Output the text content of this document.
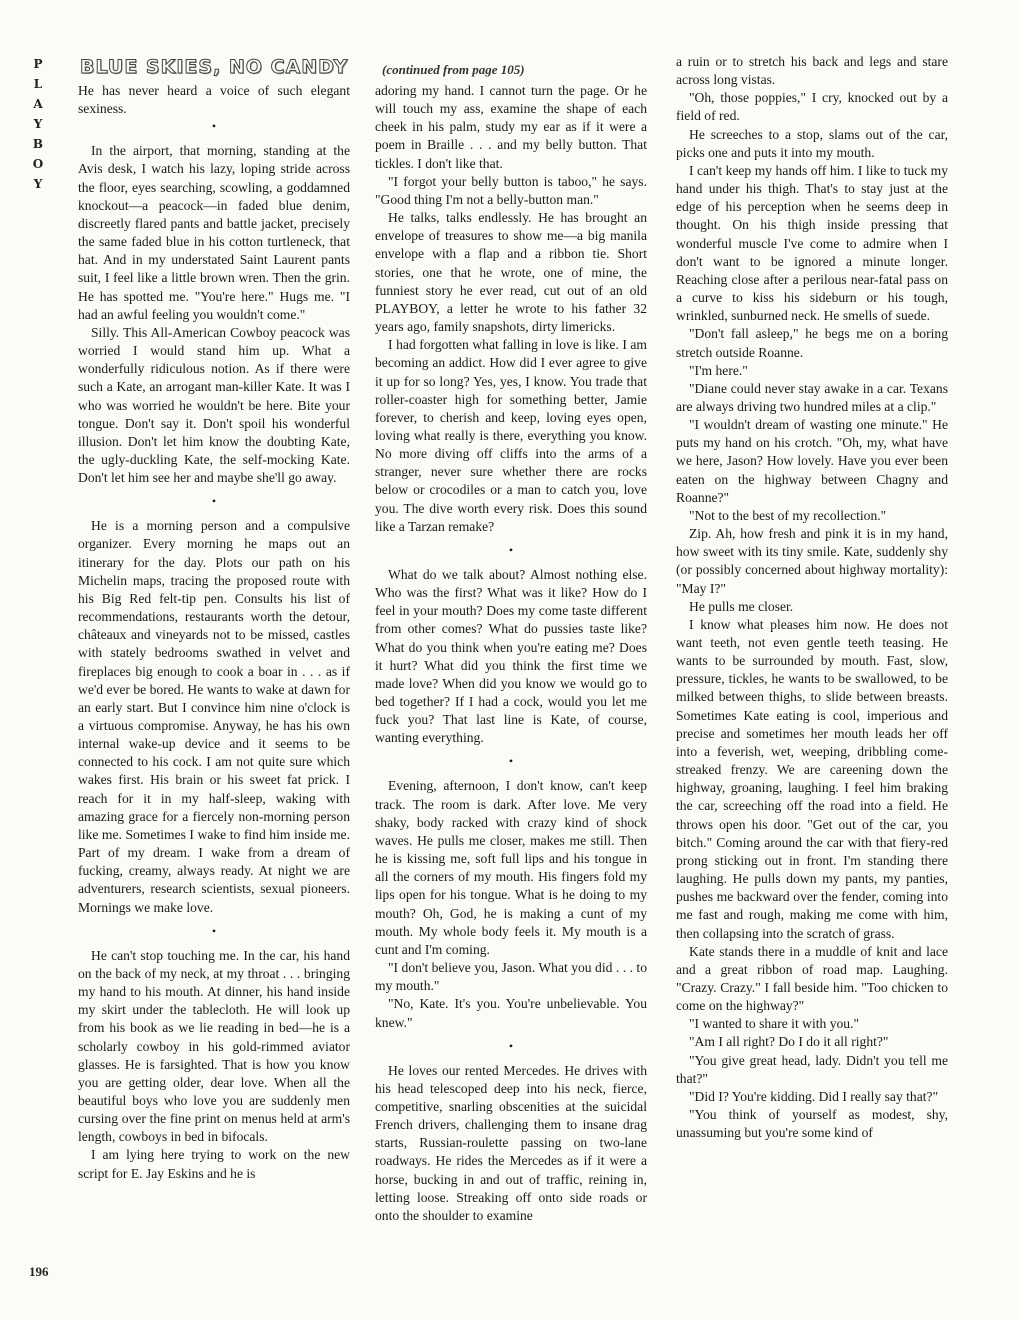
P
L
A
Y
B
O
Y
BLUE SKIES, NO CANDY	(continued from page 105)

He has never heard a voice of such elegant sexiness.

•

In the airport, that morning, standing at the Avis desk, I watch his lazy, loping stride across the floor, eyes searching, scowling, a goddamned knockout—a peacock—in faded blue denim, discreetly flared pants and battle jacket, precisely the same faded blue in his cotton turtleneck, that hat. And in my understated Saint Laurent pants suit, I feel like a little brown wren. Then the grin. He has spotted me. "You're here." Hugs me. "I had an awful feeling you wouldn't come."

Silly. This All-American Cowboy peacock was worried I would stand him up. What a wonderfully ridiculous notion. As if there were such a Kate, an arrogant man-killer Kate. It was I who was worried he wouldn't be here. Bite your tongue. Don't say it. Don't spoil his wonderful illusion. Don't let him know the doubting Kate, the ugly-duckling Kate, the self-mocking Kate. Don't let him see her and maybe she'll go away.

•

He is a morning person and a compulsive organizer. Every morning he maps out an itinerary for the day. Plots our path on his Michelin maps, tracing the proposed route with his Big Red felt-tip pen. Consults his list of recommendations, restaurants worth the detour, châteaux and vineyards not to be missed, castles with stately bedrooms swathed in velvet and fireplaces big enough to cook a boar in . . . as if we'd ever be bored. He wants to wake at dawn for an early start. But I convince him nine o'clock is a virtuous compromise. Anyway, he has his own internal wake-up device and it seems to be connected to his cock. I am not quite sure which wakes first. His brain or his sweet fat prick. I reach for it in my half-sleep, waking with amazing grace for a fiercely non-morning person like me. Sometimes I wake to find him inside me. Part of my dream. I wake from a dream of fucking, creamy, always ready. At night we are adventurers, research scientists, sexual pioneers. Mornings we make love.

•

He can't stop touching me. In the car, his hand on the back of my neck, at my throat . . . bringing my hand to his mouth. At dinner, his hand inside my skirt under the tablecloth. He will look up from his book as we lie reading in bed—he is a scholarly cowboy in his gold-rimmed aviator glasses. He is farsighted. That is how you know you are getting older, dear love. When all the beautiful boys who love you are suddenly men cursing over the fine print on menus held at arm's length, cowboys in bed in bifocals.

I am lying here trying to work on the new script for E. Jay Eskins and he is

adoring my hand. I cannot turn the page. Or he will touch my ass, examine the shape of each cheek in his palm, study my ear as if it were a poem in Braille . . . and my belly button. That tickles. I don't like that.

"I forgot your belly button is taboo," he says. "Good thing I'm not a belly-button man."

He talks, talks endlessly. He has brought an envelope of treasures to show me—a big manila envelope with a flap and a ribbon tie. Short stories, one that he wrote, one of mine, the funniest story he ever read, cut out of an old PLAYBOY, a letter he wrote to his father 32 years ago, family snapshots, dirty limericks.

I had forgotten what falling in love is like. I am becoming an addict. How did I ever agree to give it up for so long? Yes, yes, I know. You trade that roller-coaster high for something better, Jamie forever, to cherish and keep, loving eyes open, loving what really is there, everything you know. No more diving off cliffs into the arms of a stranger, never sure whether there are rocks below or crocodiles or a man to catch you, love you. The dive worth every risk. Does this sound like a Tarzan remake?

•

What do we talk about? Almost nothing else. Who was the first? What was it like? How do I feel in your mouth? Does my come taste different from other comes? What do pussies taste like? What do you think when you're eating me? Does it hurt? What did you think the first time we made love? When did you know we would go to bed together? If I had a cock, would you let me fuck you? That last line is Kate, of course, wanting everything.

•

Evening, afternoon, I don't know, can't keep track. The room is dark. After love. Me very shaky, body racked with crazy kind of shock waves. He pulls me closer, makes me still. Then he is kissing me, soft full lips and his tongue in all the corners of my mouth. His fingers fold my lips open for his tongue. What is he doing to my mouth? Oh, God, he is making a cunt of my mouth. My whole body feels it. My mouth is a cunt and I'm coming.

"I don't believe you, Jason. What you did . . . to my mouth."

"No, Kate. It's you. You're unbelievable. You knew."

•

He loves our rented Mercedes. He drives with his head telescoped deep into his neck, fierce, competitive, snarling obscenities at the suicidal French drivers, challenging them to insane drag starts, Russian-roulette passing on two-lane roadways. He rides the Mercedes as if it were a horse, bucking in and out of traffic, reining in, letting loose. Streaking off onto side roads or onto the shoulder to examine

a ruin or to stretch his back and legs and stare across long vistas.

"Oh, those poppies," I cry, knocked out by a field of red.

He screeches to a stop, slams out of the car, picks one and puts it into my mouth.

I can't keep my hands off him. I like to tuck my hand under his thigh. That's to stay just at the edge of his perception when he seems deep in thought. On his thigh inside pressing that wonderful muscle I've come to admire when I don't want to be ignored a minute longer. Reaching close after a perilous near-fatal pass on a curve to kiss his sideburn or his tough, wrinkled, sunburned neck. He smells of suede.

"Don't fall asleep," he begs me on a boring stretch outside Roanne.

"I'm here."

"Diane could never stay awake in a car. Texans are always driving two hundred miles at a clip."

"I wouldn't dream of wasting one minute." He puts my hand on his crotch. "Oh, my, what have we here, Jason? How lovely. Have you ever been eaten on the highway between Chagny and Roanne?"

"Not to the best of my recollection."

Zip. Ah, how fresh and pink it is in my hand, how sweet with its tiny smile. Kate, suddenly shy (or possibly concerned about highway mortality): "May I?"

He pulls me closer.

I know what pleases him now. He does not want teeth, not even gentle teeth teasing. He wants to be surrounded by mouth. Fast, slow, pressure, tickles, he wants to be swallowed, to be milked between thighs, to slide between breasts. Sometimes Kate eating is cool, imperious and precise and sometimes her mouth leads her off into a feverish, wet, weeping, dribbling come-streaked frenzy. We are careening down the highway, groaning, laughing. I feel him braking the car, screeching off the road into a field. He throws open his door. "Get out of the car, you bitch." Coming around the car with that fiery-red prong sticking out in front. I'm standing there laughing. He pulls down my pants, my panties, pushes me backward over the fender, coming into me fast and rough, making me come with him, then collapsing into the scratch of grass.

Kate stands there in a muddle of knit and lace and a great ribbon of road map. Laughing. "Crazy. Crazy." I fall beside him. "Too chicken to come on the highway?"

"I wanted to share it with you."

"Am I all right? Do I do it all right?"

"You give great head, lady. Didn't you tell me that?"

"Did I? You're kidding. Did I really say that?"

"You think of yourself as modest, shy, unassuming but you're some kind of

196
